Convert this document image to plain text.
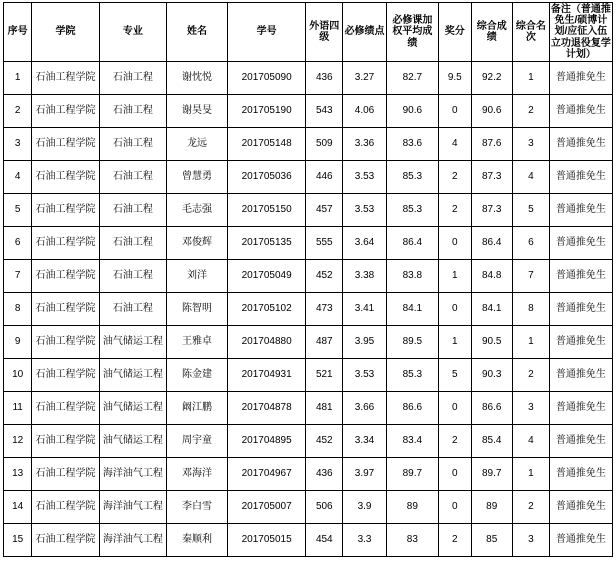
序号	学院	专业	姓名	学号	外语四级	必修绩点	必修课加权平均成绩	奖分	综合成绩	综合名次	备注（普通推免生/硕博计划/应征入伍立功退役复学计划）
1	石油工程学院	石油工程	谢忱悦	201705090	436	3.27	82.7	9.5	92.2	1	普通推免生
2	石油工程学院	石油工程	谢昊旻	201705190	543	4.06	90.6	0	90.6	2	普通推免生
3	石油工程学院	石油工程	龙远	201705148	509	3.36	83.6	4	87.6	3	普通推免生
4	石油工程学院	石油工程	曾慧勇	201705036	446	3.53	85.3	2	87.3	4	普通推免生
5	石油工程学院	石油工程	毛志强	201705150	457	3.53	85.3	2	87.3	5	普通推免生
6	石油工程学院	石油工程	邓俊辉	201705135	555	3.64	86.4	0	86.4	6	普通推免生
7	石油工程学院	石油工程	刘洋	201705049	452	3.38	83.8	1	84.8	7	普通推免生
8	石油工程学院	石油工程	陈智明	201705102	473	3.41	84.1	0	84.1	8	普通推免生
9	石油工程学院	油气储运工程	王雅卓	201704880	487	3.95	89.5	1	90.5	1	普通推免生
10	石油工程学院	油气储运工程	陈金建	201704931	521	3.53	85.3	5	90.3	2	普通推免生
11	石油工程学院	油气储运工程	阚江鹏	201704878	481	3.66	86.6	0	86.6	3	普通推免生
12	石油工程学院	油气储运工程	周宇童	201704895	452	3.34	83.4	2	85.4	4	普通推免生
13	石油工程学院	海洋油气工程	邓海洋	201704967	436	3.97	89.7	0	89.7	1	普通推免生
14	石油工程学院	海洋油气工程	李白雪	201705007	506	3.9	89	0	89	2	普通推免生
15	石油工程学院	海洋油气工程	秦顺利	201705015	454	3.3	83	2	85	3	普通推免生
